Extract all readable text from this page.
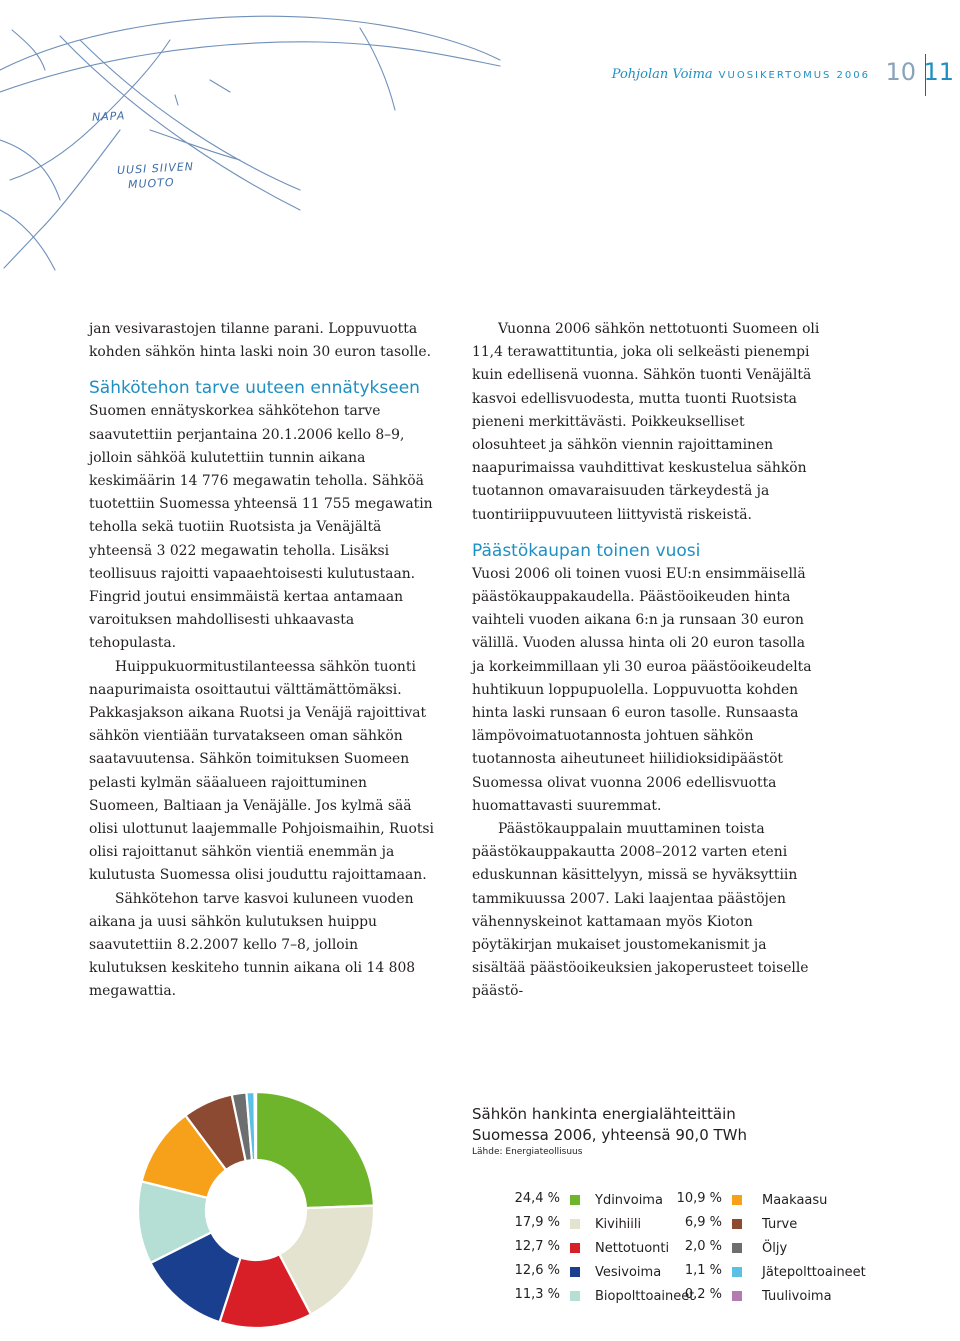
NAPA
UUSI SIIVEN
MUOTO
Pohjolan Voima VUOSIKERTOMUS 2006 10 11

jan vesivarastojen tilanne parani. Loppuvuotta kohden sähkön hinta laski noin 30 euron tasolle.

Sähkötehon tarve uuteen ennätykseen

Suomen ennätyskorkea sähkötehon tarve saavutettiin perjantaina 20.1.2006 kello 8–9, jolloin sähköä kulutettiin tunnin aikana keskimäärin 14 776 megawatin teholla. Sähköä tuotettiin Suomessa yhteensä 11 755 megawatin teholla sekä tuotiin Ruotsista ja Venäjältä yhteensä 3 022 megawatin teholla. Lisäksi teollisuus rajoitti vapaaehtoisesti kulutustaan. Fingrid joutui ensimmäistä kertaa antamaan varoituksen mahdollisesti uhkaavasta tehopulasta.

Huippukuormitustilanteessa sähkön tuonti naapurimaista osoittautui välttämättömäksi. Pakkasjakson aikana Ruotsi ja Venäjä rajoittivat sähkön vientiään turvatakseen oman sähkön saatavuutensa. Sähkön toimituksen Suomeen pelasti kylmän sääalueen rajoittuminen Suomeen, Baltiaan ja Venäjälle. Jos kylmä sää olisi ulottunut laajemmalle Pohjoismaihin, Ruotsi olisi rajoittanut sähkön vientiä enemmän ja kulutusta Suomessa olisi jouduttu rajoittamaan.

Sähkötehon tarve kasvoi kuluneen vuoden aikana ja uusi sähkön kulutuksen huippu saavutettiin 8.2.2007 kello 7–8, jolloin kulutuksen keskiteho tunnin aikana oli 14 808 megawattia.

Vuonna 2006 sähkön nettotuonti Suomeen oli 11,4 terawattituntia, joka oli selkeästi pienempi kuin edellisenä vuonna. Sähkön tuonti Venäjältä kasvoi edellisvuodesta, mutta tuonti Ruotsista pieneni merkittävästi. Poikkeukselliset olosuhteet ja sähkön viennin rajoittaminen naapurimaissa vauhdittivat keskustelua sähkön tuotannon omavaraisuuden tärkeydestä ja tuontiriippuvuuteen liittyvistä riskeistä.

Päästökaupan toinen vuosi

Vuosi 2006 oli toinen vuosi EU:n ensimmäisellä päästökauppakaudella. Päästöoikeuden hinta vaihteli vuoden aikana 6:n ja runsaan 30 euron välillä. Vuoden alussa hinta oli 20 euron tasolla ja korkeimmillaan yli 30 euroa päästöoikeudelta huhtikuun loppupuolella. Loppuvuotta kohden hinta laski runsaan 6 euron tasolle. Runsaasta lämpövoimatuotannosta johtuen sähkön tuotannosta aiheutuneet hiilidioksidipäästöt Suomessa olivat vuonna 2006 edellisvuotta huomattavasti suuremmat.

Päästökauppalain muuttaminen toista päästökauppakautta 2008–2012 varten eteni eduskunnan käsittelyyn, missä se hyväksyttiin tammikuussa 2007. Laki laajentaa päästöjen vähennyskeinot kattamaan myös Kioton pöytäkirjan mukaiset joustomekanismit ja sisältää päästöoikeuksien jakoperusteet toiselle päästö-

Sähkön hankinta energialähteittäin
Suomessa 2006, yhteensä 90,0 TWh
Lähde: Energiateollisuus
24,4 %	Ydinvoima
17,9 %	Kivihiili
12,7 %	Nettotuonti
12,6 %	Vesivoima
11,3 %	Biopolttoaineet
10,9 %	Maakaasu
6,9 %	Turve
2,0 %	Öljy
1,1 %	Jätepolttoaineet
0,2 %	Tuulivoima
